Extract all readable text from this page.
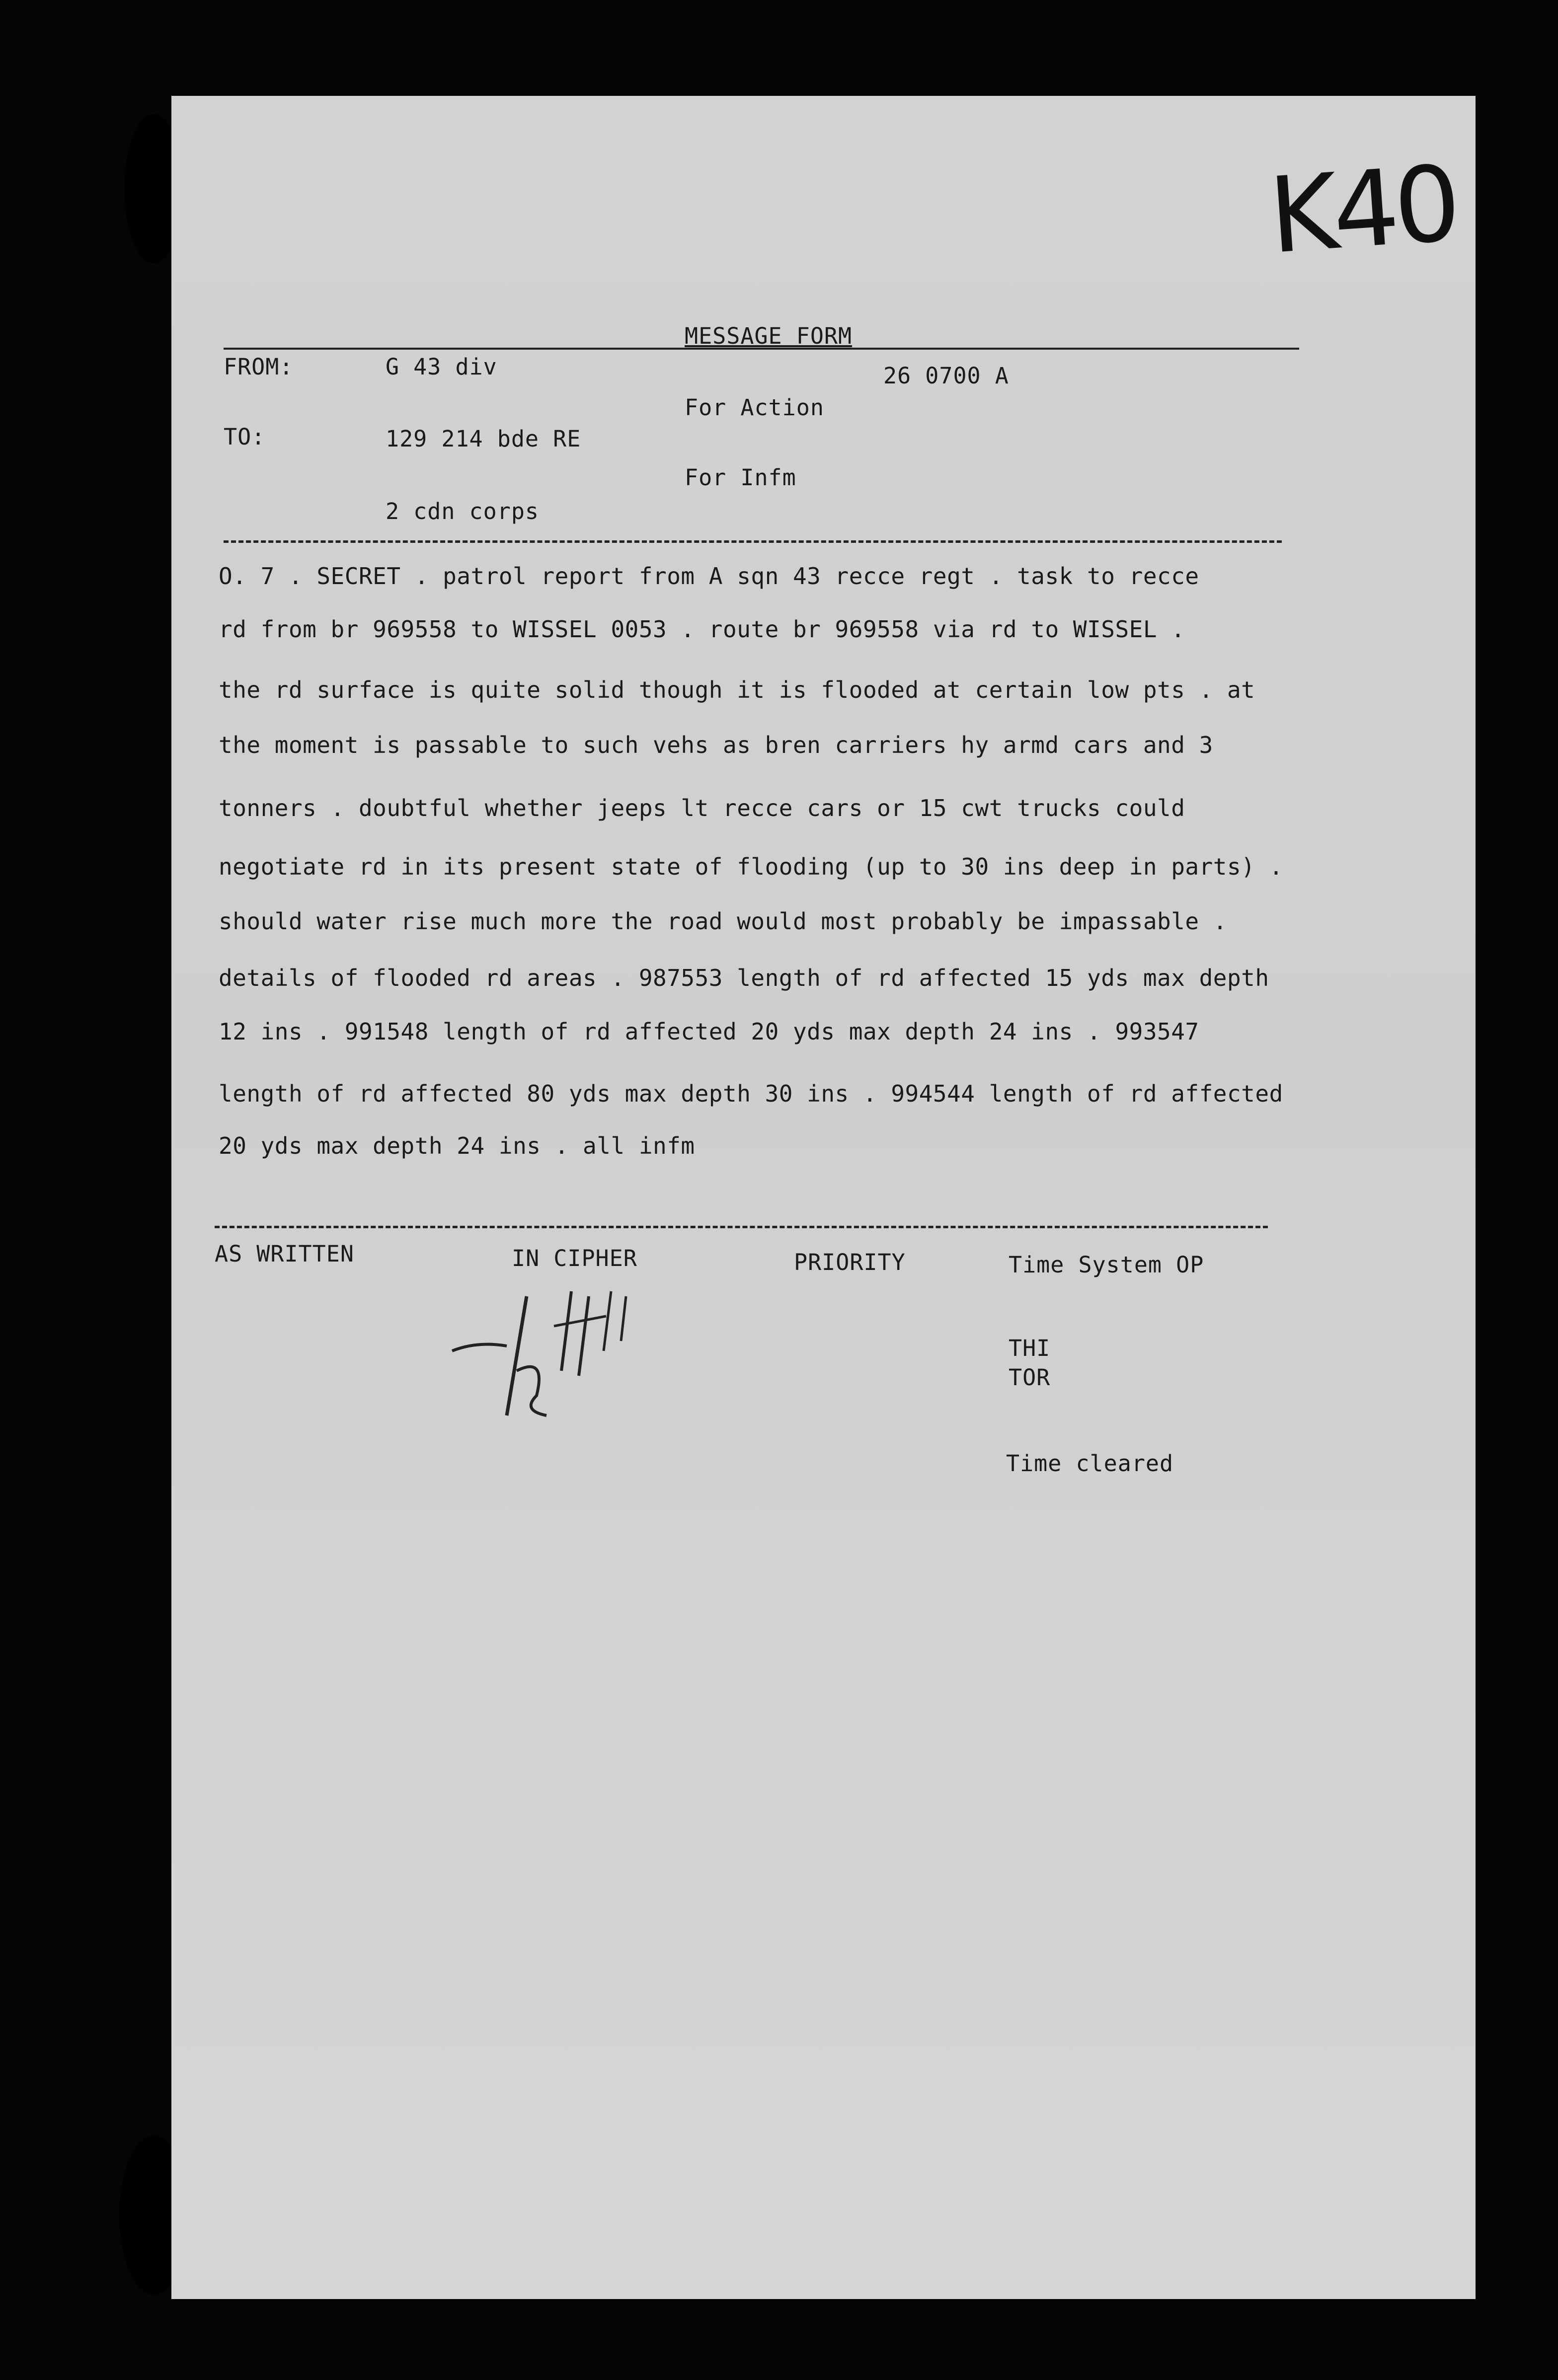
K40
MESSAGE FORM
FROM:	G 43 div	26 0700 A
For Action
TO:	129 214 bde RE
For Infm
2 cdn corps
O. 7 . SECRET . patrol report from A sqn 43 recce regt . task to recce
rd from br 969558 to WISSEL 0053 . route br 969558 via rd to WISSEL .
the rd surface is quite solid though it is flooded at certain low pts . at
the moment is passable to such vehs as bren carriers hy armd cars and 3
tonners . doubtful whether jeeps lt recce cars or 15 cwt trucks could
negotiate rd in its present state of flooding (up to 30 ins deep in parts) .
should water rise much more the road would most probably be impassable .
details of flooded rd areas . 987553 length of rd affected 15 yds max depth
12 ins . 991548 length of rd affected 20 yds max depth 24 ins . 993547
length of rd affected 80 yds max depth 30 ins . 994544 length of rd affected
20 yds max depth 24 ins . all infm
AS WRITTEN	IN CIPHER	PRIORITY	Time System OP
THI
TOR
Time cleared
